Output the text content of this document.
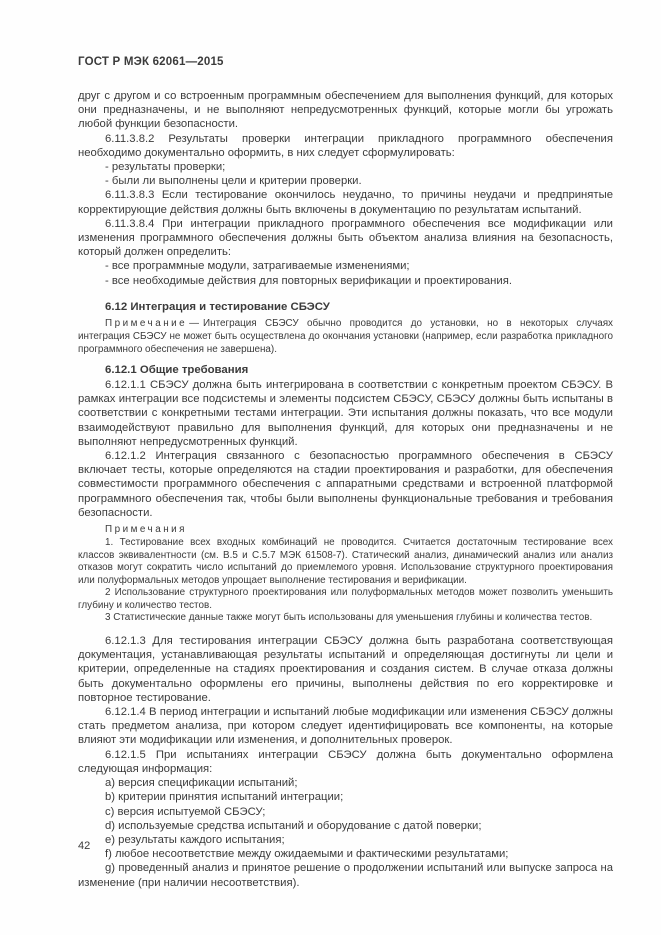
ГОСТ Р МЭК 62061—2015

друг с другом и со встроенным программным обеспечением для выполнения функций, для которых они предназначены, и не выполняют непредусмотренных функций, которые могли бы угрожать любой функции безопасности.

6.11.3.8.2 Результаты проверки интеграции прикладного программного обеспечения необходимо документально оформить, в них следует сформулировать:

- результаты проверки;

- были ли выполнены цели и критерии проверки.

6.11.3.8.3 Если тестирование окончилось неудачно, то причины неудачи и предпринятые корректирующие действия должны быть включены в документацию по результатам испытаний.

6.11.3.8.4 При интеграции прикладного программного обеспечения все модификации или изменения программного обеспечения должны быть объектом анализа влияния на безопасность, который должен определить:

- все программные модули, затрагиваемые изменениями;

- все необходимые действия для повторных верификации и проектирования.

6.12 Интеграция и тестирование СБЭСУ

Примечание — Интеграция СБЭСУ обычно проводится до установки, но в некоторых случаях интеграция СБЭСУ не может быть осуществлена до окончания установки (например, если разработка прикладного программного обеспечения не завершена).

6.12.1 Общие требования

6.12.1.1 СБЭСУ должна быть интегрирована в соответствии с конкретным проектом СБЭСУ. В рамках интеграции все подсистемы и элементы подсистем СБЭСУ, СБЭСУ должны быть испытаны в соответствии с конкретными тестами интеграции. Эти испытания должны показать, что все модули взаимодействуют правильно для выполнения функций, для которых они предназначены и не выполняют непредусмотренных функций.

6.12.1.2 Интеграция связанного с безопасностью программного обеспечения в СБЭСУ включает тесты, которые определяются на стадии проектирования и разработки, для обеспечения совместимости программного обеспечения с аппаратными средствами и встроенной платформой программного обеспечения так, чтобы были выполнены функциональные требования и требования безопасности.

Примечания

1. Тестирование всех входных комбинаций не проводится. Считается достаточным тестирование всех классов эквивалентности (см. В.5 и С.5.7 МЭК 61508-7). Статический анализ, динамический анализ или анализ отказов могут сократить число испытаний до приемлемого уровня. Использование структурного проектирования или полуформальных методов упрощает выполнение тестирования и верификации.

2 Использование структурного проектирования или полуформальных методов может позволить уменьшить глубину и количество тестов.

3 Статистические данные также могут быть использованы для уменьшения глубины и количества тестов.

6.12.1.3 Для тестирования интеграции СБЭСУ должна быть разработана соответствующая документация, устанавливающая результаты испытаний и определяющая достигнуты ли цели и критерии, определенные на стадиях проектирования и создания систем. В случае отказа должны быть документально оформлены его причины, выполнены действия по его корректировке и повторное тестирование.

6.12.1.4 В период интеграции и испытаний любые модификации или изменения СБЭСУ должны стать предметом анализа, при котором следует идентифицировать все компоненты, на которые влияют эти модификации или изменения, и дополнительных проверок.

6.12.1.5 При испытаниях интеграции СБЭСУ должна быть документально оформлена следующая информация:

a) версия спецификации испытаний;

b) критерии принятия испытаний интеграции;

c) версия испытуемой СБЭСУ;

d) используемые средства испытаний и оборудование с датой поверки;

e) результаты каждого испытания;

f) любое несоответствие между ожидаемыми и фактическими результатами;

g) проведенный анализ и принятое решение о продолжении испытаний или выпуске запроса на изменение (при наличии несоответствия).

42
